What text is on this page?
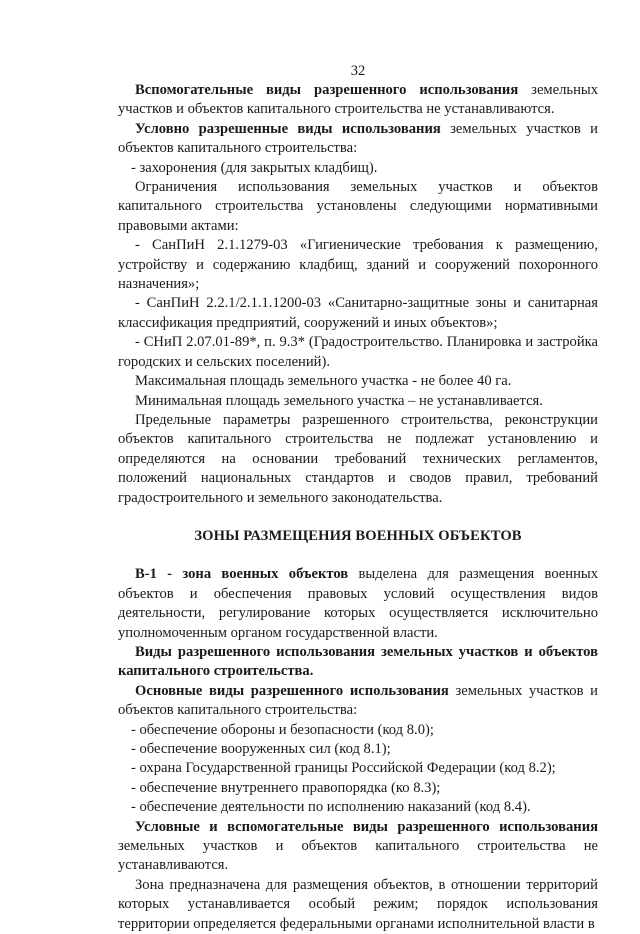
32

Вспомогательные виды разрешенного использования земельных участков и объектов капитального строительства не устанавливаются.

Условно разрешенные виды использования земельных участков и объектов капитального строительства:

- захоронения (для закрытых кладбищ).

Ограничения использования земельных участков и объектов капитального строительства установлены следующими нормативными правовыми актами:

- СанПиН 2.1.1279-03 «Гигиенические требования к размещению, устройству и содержанию кладбищ, зданий и сооружений похоронного назначения»;

- СанПиН 2.2.1/2.1.1.1200-03 «Санитарно-защитные зоны и санитарная классификация предприятий, сооружений и иных объектов»;

- СНиП 2.07.01-89*, п. 9.3* (Градостроительство. Планировка и застройка городских и сельских поселений).

Максимальная площадь земельного участка - не более 40 га.

Минимальная площадь земельного участка – не устанавливается.

Предельные параметры разрешенного строительства, реконструкции объектов капитального строительства не подлежат установлению и определяются на основании требований технических регламентов, положений национальных стандартов и сводов правил, требований градостроительного и земельного законодательства.

ЗОНЫ РАЗМЕЩЕНИЯ ВОЕННЫХ ОБЪЕКТОВ

В-1 - зона военных объектов выделена для размещения военных объектов и обеспечения правовых условий осуществления видов деятельности, регулирование которых осуществляется исключительно уполномоченным органом государственной власти.

Виды разрешенного использования земельных участков и объектов капитального строительства.

Основные виды разрешенного использования земельных участков и объектов капитального строительства:

- обеспечение обороны и безопасности (код 8.0);

- обеспечение вооруженных сил (код 8.1);

- охрана Государственной границы Российской Федерации (код 8.2);

- обеспечение внутреннего правопорядка (ко 8.3);

- обеспечение деятельности по исполнению наказаний (код 8.4).

Условные и вспомогательные виды разрешенного использования земельных участков и объектов капитального строительства не устанавливаются.

Зона предназначена для размещения объектов, в отношении территорий которых устанавливается особый режим; порядок использования территории определяется федеральными органами исполнительной власти в
